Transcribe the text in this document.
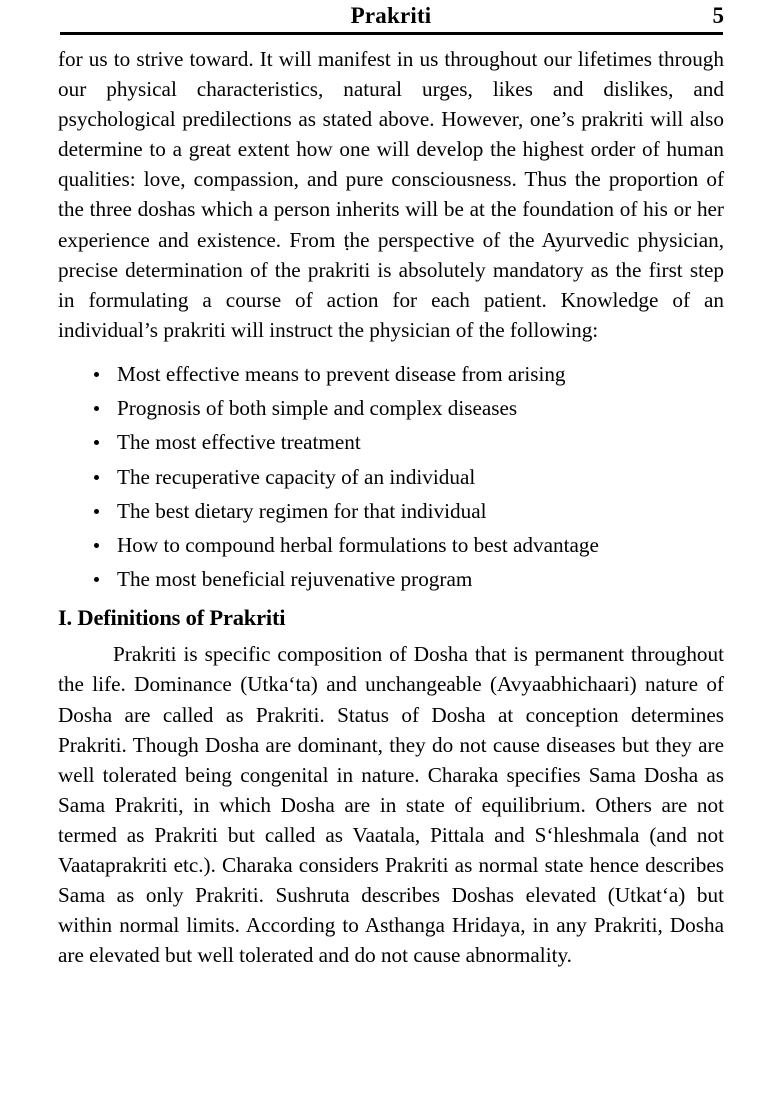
Prakriti	5

for us to strive toward. It will manifest in us throughout our lifetimes through our physical characteristics, natural urges, likes and dislikes, and psychological predilections as stated above. However, one’s prakriti will also determine to a great extent how one will develop the highest order of human qualities: love, compassion, and pure consciousness. Thus the proportion of the three doshas which a person inherits will be at the foundation of his or her experience and existence. From ṭhe perspective of the Ayurvedic physician, precise determination of the prakriti is absolutely mandatory as the first step in formulating a course of action for each patient. Knowledge of an individual’s prakriti will instruct the physician of the following:

Most effective means to prevent disease from arising
Prognosis of both simple and complex diseases
The most effective treatment
The recuperative capacity of an individual
The best dietary regimen for that individual
How to compound herbal formulations to best advantage
The most beneficial rejuvenative program
I. Definitions of Prakriti

Prakriti is specific composition of Dosha that is permanent throughout the life. Dominance (Utka‘ta) and unchangeable (Avyaabhichaari) nature of Dosha are called as Prakriti. Status of Dosha at conception determines Prakriti. Though Dosha are dominant, they do not cause diseases but they are well tolerated being congenital in nature. Charaka specifies Sama Dosha as Sama Prakriti, in which Dosha are in state of equilibrium. Others are not termed as Prakriti but called as Vaatala, Pittala and S‘hleshmala (and not Vaataprakriti etc.). Charaka considers Prakriti as normal state hence describes Sama as only Prakriti. Sushruta describes Doshas elevated (Utkat‘a) but within normal limits. According to Asthanga Hridaya, in any Prakriti, Dosha are elevated but well tolerated and do not cause abnormality.
